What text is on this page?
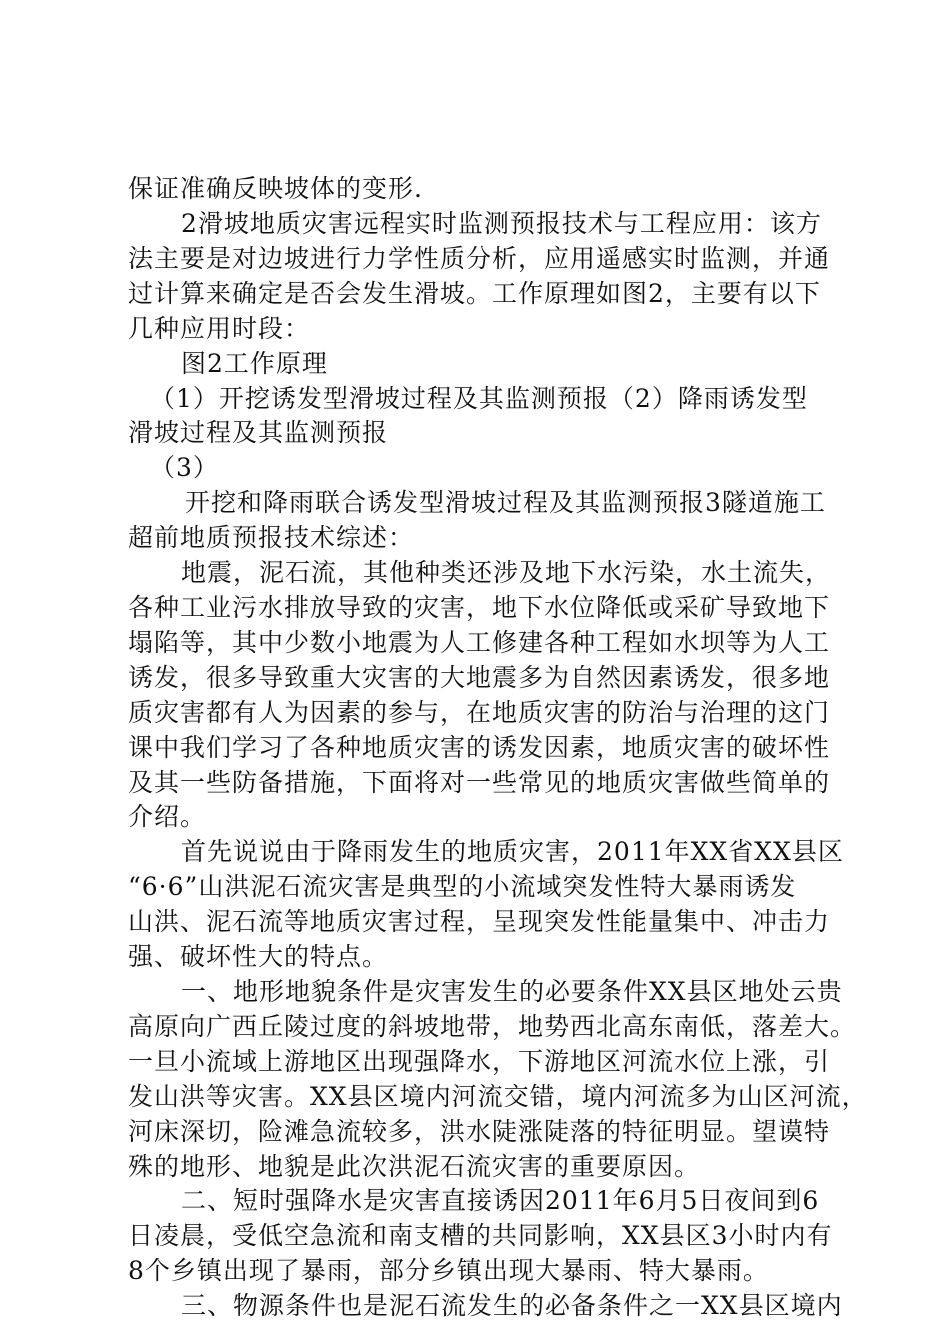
保证准确反映坡体的变形.

2滑坡地质灾害远程实时监测预报技术与工程应用：该方

法主要是对边坡进行力学性质分析，应用遥感实时监测，并通

过计算来确定是否会发生滑坡。工作原理如图2，主要有以下

几种应用时段：

图2工作原理

（1）开挖诱发型滑坡过程及其监测预报（2）降雨诱发型

滑坡过程及其监测预报

（3）

开挖和降雨联合诱发型滑坡过程及其监测预报3隧道施工

超前地质预报技术综述：

地震，泥石流，其他种类还涉及地下水污染，水土流失，

各种工业污水排放导致的灾害，地下水位降低或采矿导致地下

塌陷等，其中少数小地震为人工修建各种工程如水坝等为人工

诱发，很多导致重大灾害的大地震多为自然因素诱发，很多地

质灾害都有人为因素的参与，在地质灾害的防治与治理的这门

课中我们学习了各种地质灾害的诱发因素，地质灾害的破坏性

及其一些防备措施，下面将对一些常见的地质灾害做些简单的

介绍。

首先说说由于降雨发生的地质灾害，2011年XX省XX县区

“6·6”山洪泥石流灾害是典型的小流域突发性特大暴雨诱发

山洪、泥石流等地质灾害过程，呈现突发性能量集中、冲击力

强、破坏性大的特点。

一、地形地貌条件是灾害发生的必要条件XX县区地处云贵

高原向广西丘陵过度的斜坡地带，地势西北高东南低，落差大。

一旦小流域上游地区出现强降水，下游地区河流水位上涨，引

发山洪等灾害。XX县区境内河流交错，境内河流多为山区河流，

河床深切，险滩急流较多，洪水陡涨陡落的特征明显。望谟特

殊的地形、地貌是此次洪泥石流灾害的重要原因。

二、短时强降水是灾害直接诱因2011年6月5日夜间到6

日凌晨，受低空急流和南支槽的共同影响，XX县区3小时内有

8个乡镇出现了暴雨，部分乡镇出现大暴雨、特大暴雨。

三、物源条件也是泥石流发生的必备条件之一XX县区境内
